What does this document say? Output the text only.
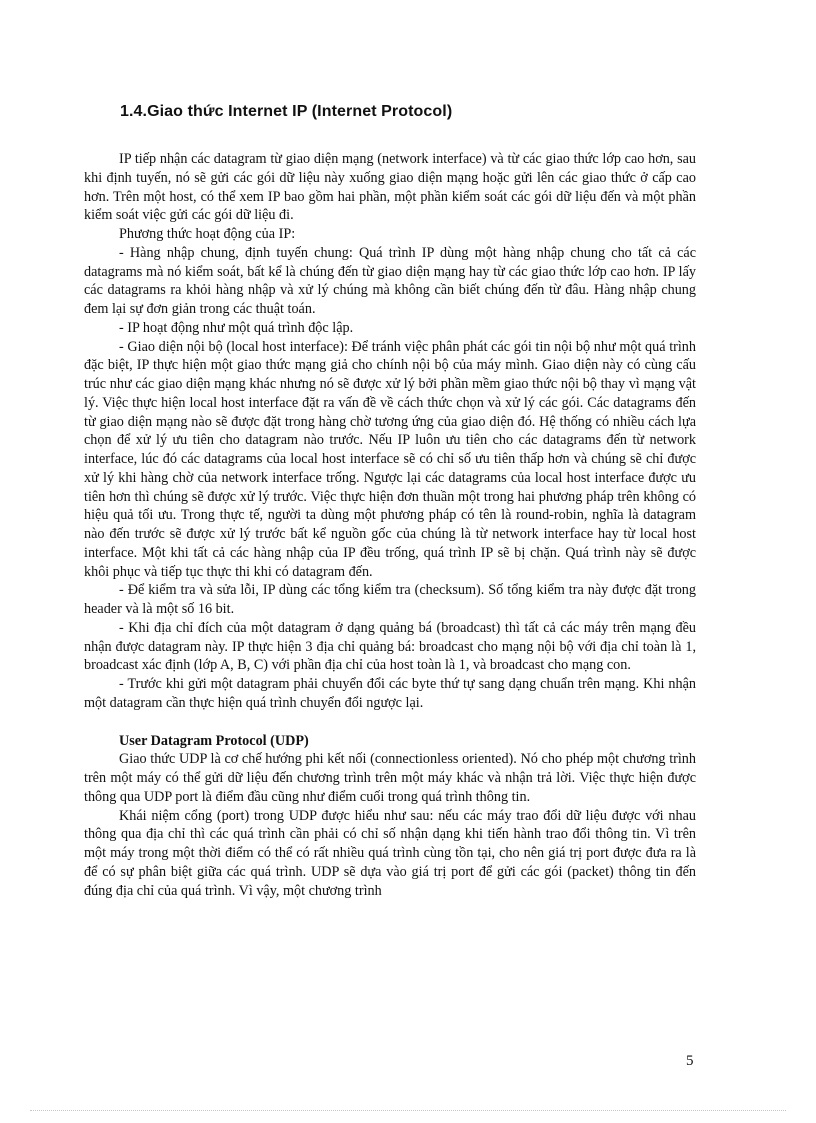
1.4.Giao thức Internet IP (Internet Protocol)

IP tiếp nhận các datagram từ giao diện mạng (network interface) và từ các giao thức lớp cao hơn, sau khi định tuyến, nó sẽ gửi các gói dữ liệu này xuống giao diện mạng hoặc gửi lên các giao thức ở cấp cao hơn. Trên một host, có thể xem IP bao gồm hai phần, một phần kiểm soát các gói dữ liệu đến và một phần kiểm soát việc gửi các gói dữ liệu đi.

Phương thức hoạt động của IP:

- Hàng nhập chung, định tuyến chung: Quá trình IP dùng một hàng nhập chung cho tất cả các datagrams mà nó kiểm soát, bất kể là chúng đến từ giao diện mạng hay từ các giao thức lớp cao hơn. IP lấy các datagrams ra khỏi hàng nhập và xử lý chúng mà không cần biết chúng đến từ đâu. Hàng nhập chung đem lại sự đơn giản trong các thuật toán.

- IP hoạt động như một quá trình độc lập.

- Giao diện nội bộ (local host interface): Để tránh việc phân phát các gói tin nội bộ như một quá trình đặc biệt, IP thực hiện một giao thức mạng giả cho chính nội bộ của máy mình. Giao diện này có cùng cấu trúc như các giao diện mạng khác nhưng nó sẽ được xử lý bởi phần mềm giao thức nội bộ thay vì mạng vật lý. Việc thực hiện local host interface đặt ra vấn đề về cách thức chọn và xử lý các gói. Các datagrams đến từ giao diện mạng nào sẽ được đặt trong hàng chờ tương ứng của giao diện đó. Hệ thống có nhiều cách lựa chọn để xử lý ưu tiên cho datagram nào trước. Nếu IP luôn ưu tiên cho các datagrams đến từ network interface, lúc đó các datagrams của local host interface sẽ có chỉ số ưu tiên thấp hơn và chúng sẽ chỉ được xử lý khi hàng chờ của network interface trống. Ngược lại các datagrams của local host interface được ưu tiên hơn thì chúng sẽ được xử lý trước. Việc thực hiện đơn thuần một trong hai phương pháp trên không có hiệu quả tối ưu. Trong thực tế, người ta dùng một phương pháp có tên là round-robin, nghĩa là datagram nào đến trước sẽ được xử lý trước bất kể nguồn gốc của chúng là từ network interface hay từ local host interface. Một khi tất cả các hàng nhập của IP đều trống, quá trình IP sẽ bị chặn. Quá trình này sẽ được khôi phục và tiếp tục thực thi khi có datagram đến.

- Để kiểm tra và sửa lỗi, IP dùng các tổng kiểm tra (checksum). Số tổng kiểm tra này được đặt trong header và là một số 16 bit.

- Khi địa chỉ đích của một datagram ở dạng quảng bá (broadcast) thì tất cả các máy trên mạng đều nhận được datagram này. IP thực hiện 3 địa chỉ quảng bá: broadcast cho mạng nội bộ với địa chỉ toàn là 1, broadcast xác định (lớp A, B, C) với phần địa chỉ của host toàn là 1, và broadcast cho mạng con.

- Trước khi gửi một datagram phải chuyển đổi các byte thứ tự sang dạng chuẩn trên mạng. Khi nhận một datagram cần thực hiện quá trình chuyển đổi ngược lại.

User Datagram Protocol (UDP)

Giao thức UDP là cơ chế hướng phi kết nối (connectionless oriented). Nó cho phép một chương trình trên một máy có thể gửi dữ liệu đến chương trình trên một máy khác và nhận trả lời. Việc thực hiện được thông qua UDP port là điểm đầu cũng như điểm cuối trong quá trình thông tin.

Khái niệm cổng (port) trong UDP được hiểu như sau: nếu các máy trao đổi dữ liệu được với nhau thông qua địa chỉ thì các quá trình cần phải có chỉ số nhận dạng khi tiến hành trao đổi thông tin. Vì trên một máy trong một thời điểm có thể có rất nhiều quá trình cùng tồn tại, cho nên giá trị port được đưa ra là để có sự phân biệt giữa các quá trình. UDP sẽ dựa vào giá trị port để gửi các gói (packet) thông tin đến đúng địa chỉ của quá trình. Vì vậy, một chương trình

5
